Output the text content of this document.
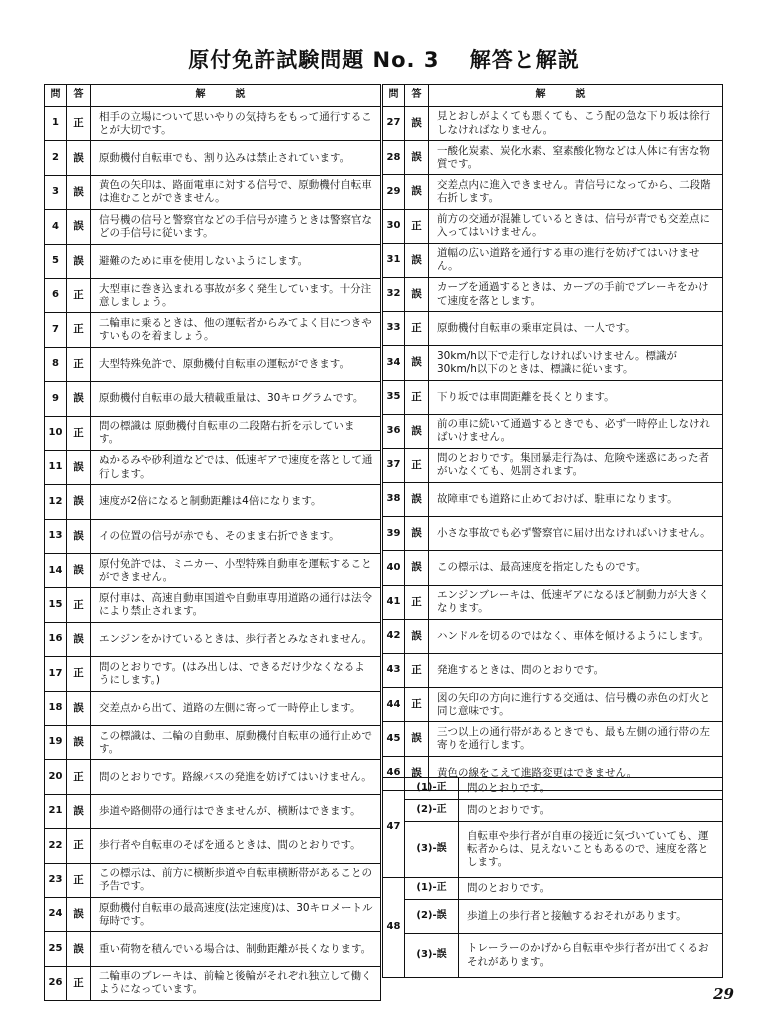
原付免許試験問題 No. 3　 解答と解説
問	答	解説
1	正	相手の立場について思いやりの気持ちをもって通行することが大切です。
2	誤	原動機付自転車でも、割り込みは禁止されています。
3	誤	黄色の矢印は、路面電車に対する信号で、原動機付自転車は進むことができません。
4	誤	信号機の信号と警察官などの手信号が違うときは警察官などの手信号に従います。
5	誤	避難のために車を使用しないようにします。
6	正	大型車に巻き込まれる事故が多く発生しています。十分注意しましょう。
7	正	二輪車に乗るときは、他の運転者からみてよく目につきやすいものを着ましょう。
8	正	大型特殊免許で、原動機付自転車の運転ができます。
9	誤	原動機付自転車の最大積載重量は、30キログラムです。
10	正	問の標識は 原動機付自転車の二段階右折を示しています。
11	誤	ぬかるみや砂利道などでは、低速ギアで速度を落として通行します。
12	誤	速度が2倍になると制動距離は4倍になります。
13	誤	イの位置の信号が赤でも、そのまま右折できます。
14	誤	原付免許では、ミニカー、小型特殊自動車を運転することができません。
15	正	原付車は、高速自動車国道や自動車専用道路の通行は法令により禁止されます。
16	誤	エンジンをかけているときは、歩行者とみなされません。
17	正	問のとおりです。(はみ出しは、できるだけ少なくなるようにします。)
18	誤	交差点から出て、道路の左側に寄って一時停止します。
19	誤	この標識は、二輪の自動車、原動機付自転車の通行止めです。
20	正	問のとおりです。路線バスの発進を妨げてはいけません。
21	誤	歩道や路側帯の通行はできませんが、横断はできます。
22	正	歩行者や自転車のそばを通るときは、間のとおりです。
23	正	この標示は、前方に横断歩道や自転車横断帯があることの予告です。
24	誤	原動機付自転車の最高速度(法定速度)は、30キロメートル毎時です。
25	誤	重い荷物を積んでいる場合は、制動距離が長くなります。
26	正	二輪車のブレーキは、前輪と後輪がそれぞれ独立して働くようになっています。
問	答	解説
27	誤	見とおしがよくても悪くても、こう配の急な下り坂は徐行しなければなりません。
28	誤	一酸化炭素、炭化水素、窒素酸化物などは人体に有害な物質です。
29	誤	交差点内に進入できません。青信号になってから、二段階右折します。
30	正	前方の交通が混雑しているときは、信号が青でも交差点に入ってはいけません。
31	誤	道幅の広い道路を通行する車の進行を妨げてはいけません。
32	誤	カーブを通過するときは、カーブの手前でブレーキをかけて速度を落とします。
33	正	原動機付自転車の乗車定員は、一人です。
34	誤	30km/h以下で走行しなければいけません。標識が30km/h以下のときは、標識に従います。
35	正	下り坂では車間距離を長くとります。
36	誤	前の車に続いて通過するときでも、必ず一時停止しなければいけません。
37	正	問のとおりです。集団暴走行為は、危険や迷惑にあった者がいなくても、処罰されます。
38	誤	故障車でも道路に止めておけば、駐車になります。
39	誤	小さな事故でも必ず警察官に届け出なければいけません。
40	誤	この標示は、最高速度を指定したものです。
41	正	エンジンブレーキは、低速ギアになるほど制動力が大きくなります。
42	誤	ハンドルを切るのではなく、車体を傾けるようにします。
43	正	発進するときは、問のとおりです。
44	正	図の矢印の方向に進行する交通は、信号機の赤色の灯火と同じ意味です。
45	誤	三つ以上の通行帯があるときでも、最も左側の通行帯の左寄りを通行します。
46	誤	黄色の線をこえて進路変更はできません。
47	(1)-正	問のとおりです。
	(2)-正	問のとおりです。
	(3)-誤	自転車や歩行者が自車の接近に気づいていても、運転者からは、見えないこともあるので、速度を落とします。
48	(1)-正	問のとおりです。
	(2)-誤	歩道上の歩行者と接触するおそれがあります。
	(3)-誤	トレーラーのかげから自転車や歩行者が出てくるおそれがあります。
29
